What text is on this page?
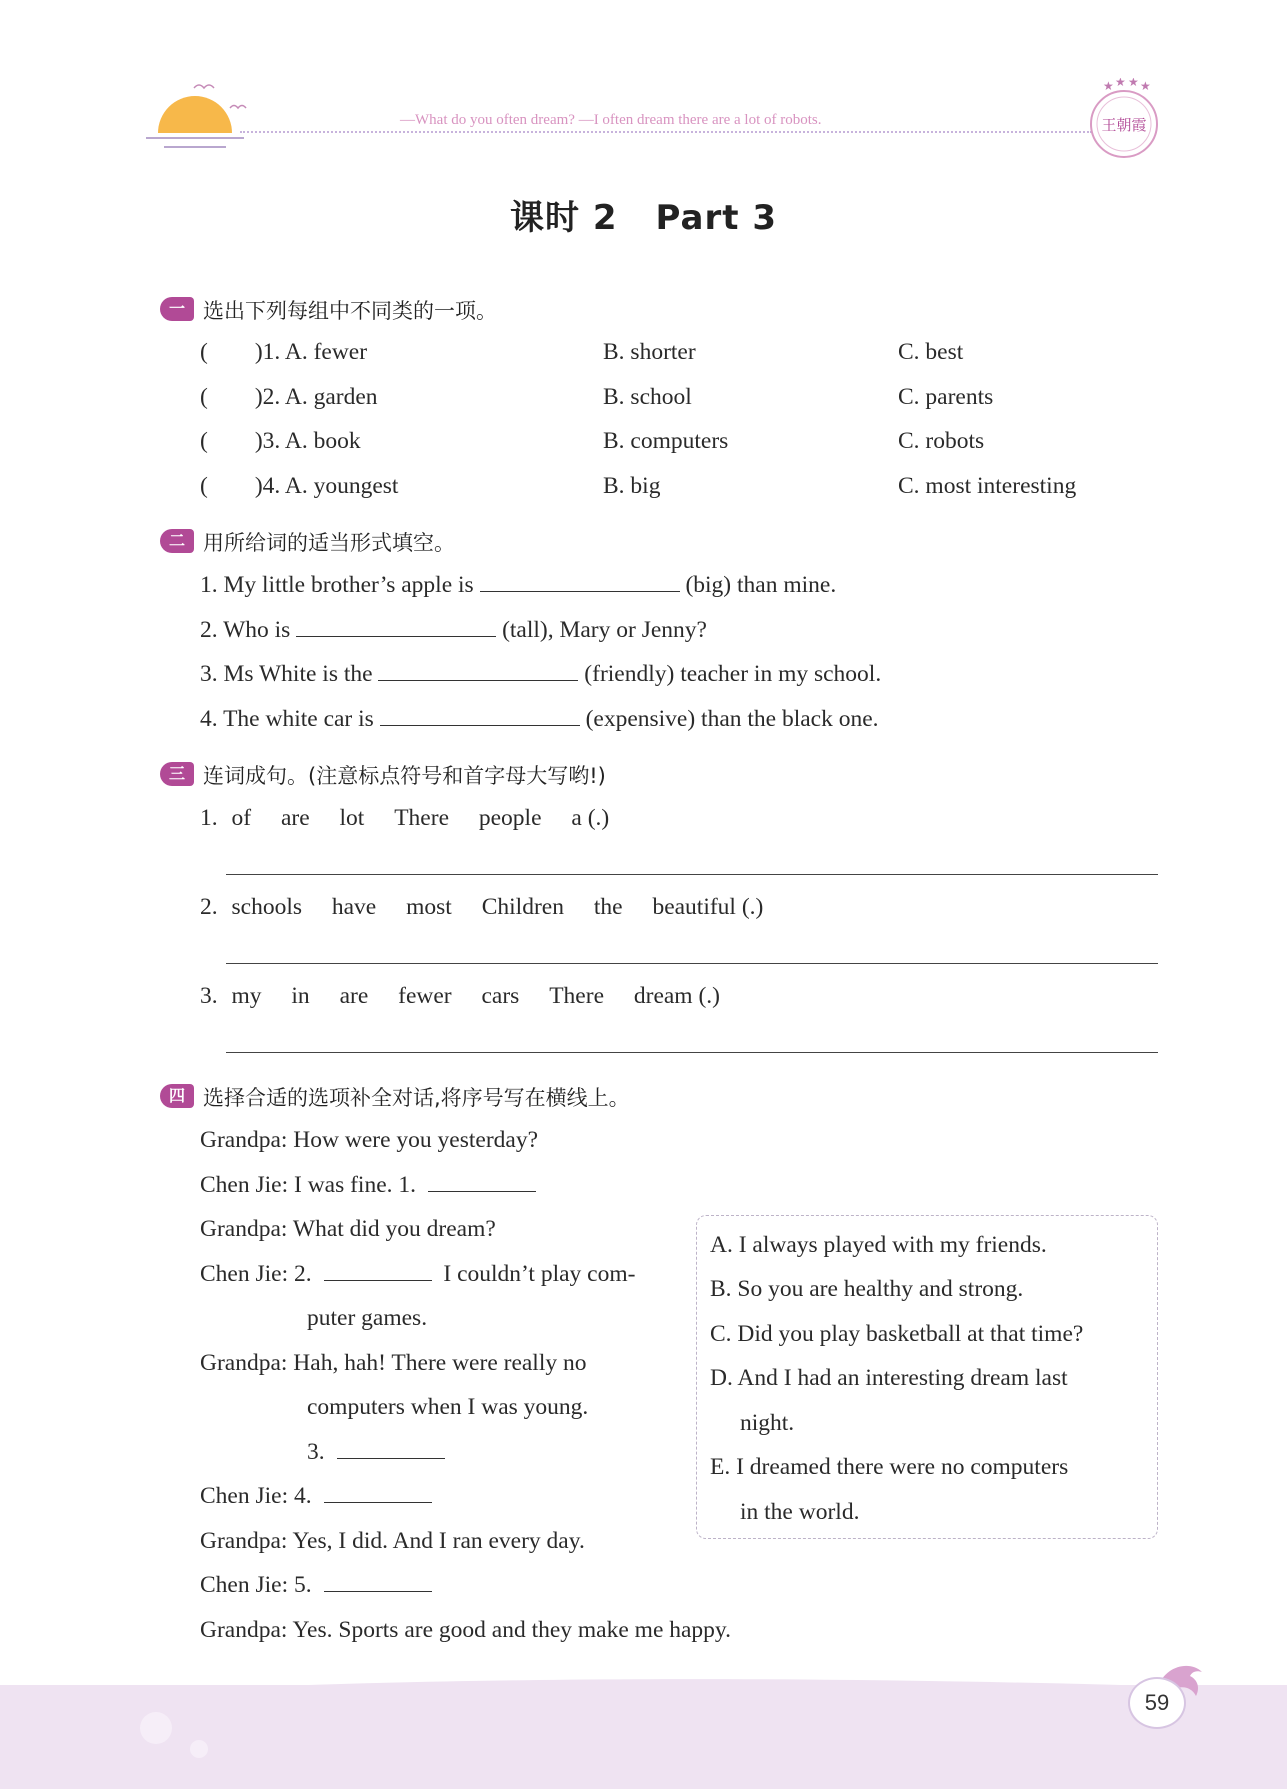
—What do you often dream? —I often dream there are a lot of robots.
★ ★ ★ ★
王朝霞
课时 2 Part 3
一 选出下列每组中不同类的一项。
(　　)1. A. fewer	B. shorter	C. best
(　　)2. A. garden	B. school	C. parents
(　　)3. A. book	B. computers	C. robots
(　　)4. A. youngest	B. big	C. most interesting
二 用所给词的适当形式填空。
1. My little brother’s apple is	(big) than mine.
2. Who is	(tall), Mary or Jenny?
3. Ms White is the	(friendly) teacher in my school.
4. The white car is	(expensive) than the black one.
三 连词成句。(注意标点符号和首字母大写哟!)
1. of are lot There people a (.)
2. schools have most Children the beautiful (.)
3. my in are fewer cars There dream (.)
四 选择合适的选项补全对话,将序号写在横线上。
Grandpa: How were you yesterday?
Chen Jie: I was fine. 1.
Grandpa: What did you dream?
Chen Jie: 2.	I couldn’t play com-
puter games.
Grandpa: Hah, hah! There were really no
computers when I was young.
3.
Chen Jie: 4.
Grandpa: Yes, I did. And I ran every day.
Chen Jie: 5.
Grandpa: Yes. Sports are good and they make me happy.
A. I always played with my friends.
B. So you are healthy and strong.
C. Did you play basketball at that time?
D. And I had an interesting dream last
night.
E. I dreamed there were no computers
in the world.
59
